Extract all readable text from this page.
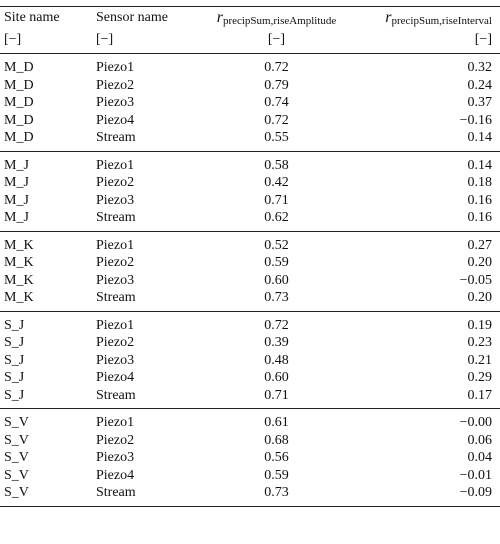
Site name	Sensor name	rprecipSum,riseAmplitude	rprecipSum,riseInterval
[−]	[−]	[−]	[−]
M_D	Piezo1	0.72	0.32
M_D	Piezo2	0.79	0.24
M_D	Piezo3	0.74	0.37
M_D	Piezo4	0.72	−0.16
M_D	Stream	0.55	0.14
M_J	Piezo1	0.58	0.14
M_J	Piezo2	0.42	0.18
M_J	Piezo3	0.71	0.16
M_J	Stream	0.62	0.16
M_K	Piezo1	0.52	0.27
M_K	Piezo2	0.59	0.20
M_K	Piezo3	0.60	−0.05
M_K	Stream	0.73	0.20
S_J	Piezo1	0.72	0.19
S_J	Piezo2	0.39	0.23
S_J	Piezo3	0.48	0.21
S_J	Piezo4	0.60	0.29
S_J	Stream	0.71	0.17
S_V	Piezo1	0.61	−0.00
S_V	Piezo2	0.68	0.06
S_V	Piezo3	0.56	0.04
S_V	Piezo4	0.59	−0.01
S_V	Stream	0.73	−0.09
